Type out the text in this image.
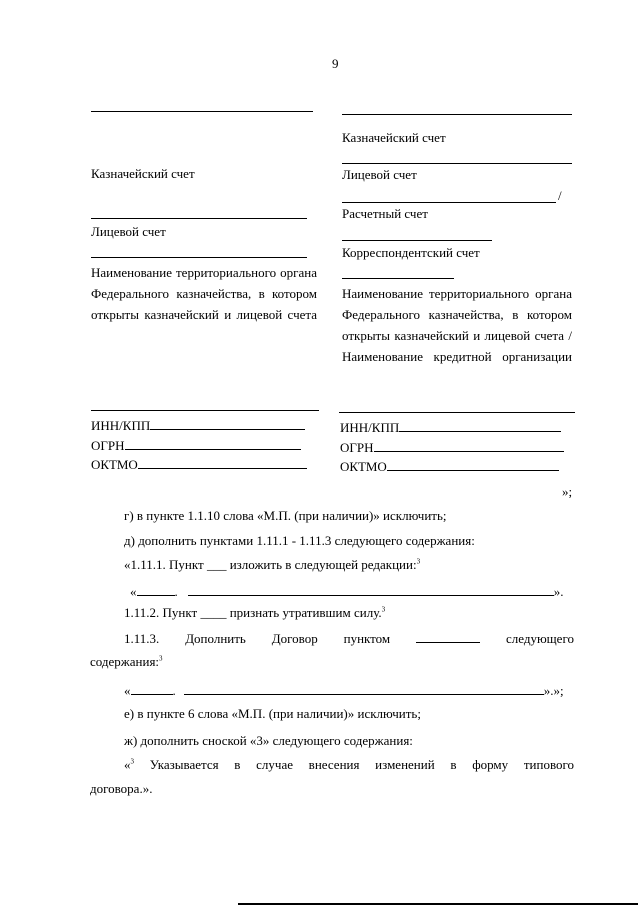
9
Казначейский счет
Лицевой счет
Наименование территориального органа Федерального казначейства, в котором открыты казначейский и лицевой счета
ИНН/КПП
ОГРН
ОКТМО
Казначейский счет
Лицевой счет
/
Расчетный счет
Корреспондентский счет
Наименование территориального органа Федерального казначейства, в котором открыты казначейский и лицевой счета / Наименование кредитной организации
ИНН/КПП
ОГРН
ОКТМО
»;
г) в пункте 1.1.10 слова «М.П. (при наличии)» исключить;
д) дополнить пунктами 1.11.1 - 1.11.3 следующего содержания:
«1.11.1. Пункт ___ изложить в следующей редакции:$^3$
«	.	».
1.11.2. Пункт ____ признать утратившим силу.$^3$
1.11.3. Дополнить Договор пунктом	следующего
содержания:$^3$
«	.	».»;
е) в пункте 6 слова «М.П. (при наличии)» исключить;
ж) дополнить сноской «3» следующего содержания:
«$^3$ Указывается в случае внесения изменений в форму типового
договора.».
